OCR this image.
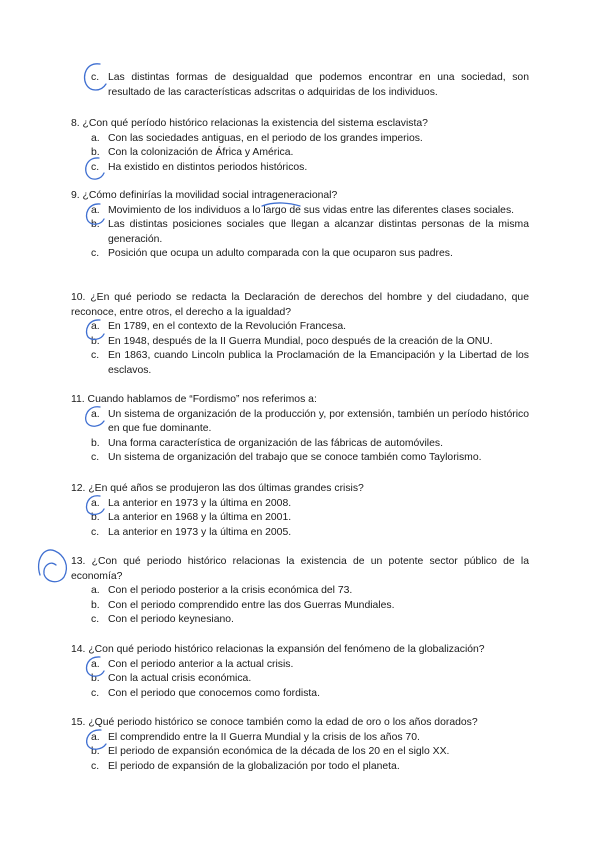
c. Las distintas formas de desigualdad que podemos encontrar en una sociedad, son resultado de las características adscritas o adquiridas de los individuos.
8. ¿Con qué período histórico relacionas la existencia del sistema esclavista?
a. Con las sociedades antiguas, en el periodo de los grandes imperios.
b. Con la colonización de África y América.
c. Ha existido en distintos periodos históricos.
9. ¿Cómo definirías la movilidad social intrageneracional?
a. Movimiento de los individuos a lo largo de sus vidas entre las diferentes clases sociales.
b. Las distintas posiciones sociales que llegan a alcanzar distintas personas de la misma generación.
c. Posición que ocupa un adulto comparada con la que ocuparon sus padres.
10. ¿En qué periodo se redacta la Declaración de derechos del hombre y del ciudadano, que reconoce, entre otros, el derecho a la igualdad?
a. En 1789, en el contexto de la Revolución Francesa.
b. En 1948, después de la II Guerra Mundial, poco después de la creación de la ONU.
c. En 1863, cuando Lincoln publica la Proclamación de la Emancipación y la Libertad de los esclavos.
11. Cuando hablamos de “Fordismo” nos referimos a:
a. Un sistema de organización de la producción y, por extensión, también un período histórico en que fue dominante.
b. Una forma característica de organización de las fábricas de automóviles.
c. Un sistema de organización del trabajo que se conoce también como Taylorismo.
12. ¿En qué años se produjeron las dos últimas grandes crisis?
a. La anterior en 1973 y la última en 2008.
b. La anterior en 1968 y la última en 2001.
c. La anterior en 1973 y la última en 2005.
13. ¿Con qué periodo histórico relacionas la existencia de un potente sector público de la economía?
a. Con el periodo posterior a la crisis económica del 73.
b. Con el periodo comprendido entre las dos Guerras Mundiales.
c. Con el periodo keynesiano.
14. ¿Con qué periodo histórico relacionas la expansión del fenómeno de la globalización?
a. Con el periodo anterior a la actual crisis.
b. Con la actual crisis económica.
c. Con el periodo que conocemos como fordista.
15. ¿Qué periodo histórico se conoce también como la edad de oro o los años dorados?
a. El comprendido entre la II Guerra Mundial y la crisis de los años 70.
b. El periodo de expansión económica de la década de los 20 en el siglo XX.
c. El periodo de expansión de la globalización por todo el planeta.
